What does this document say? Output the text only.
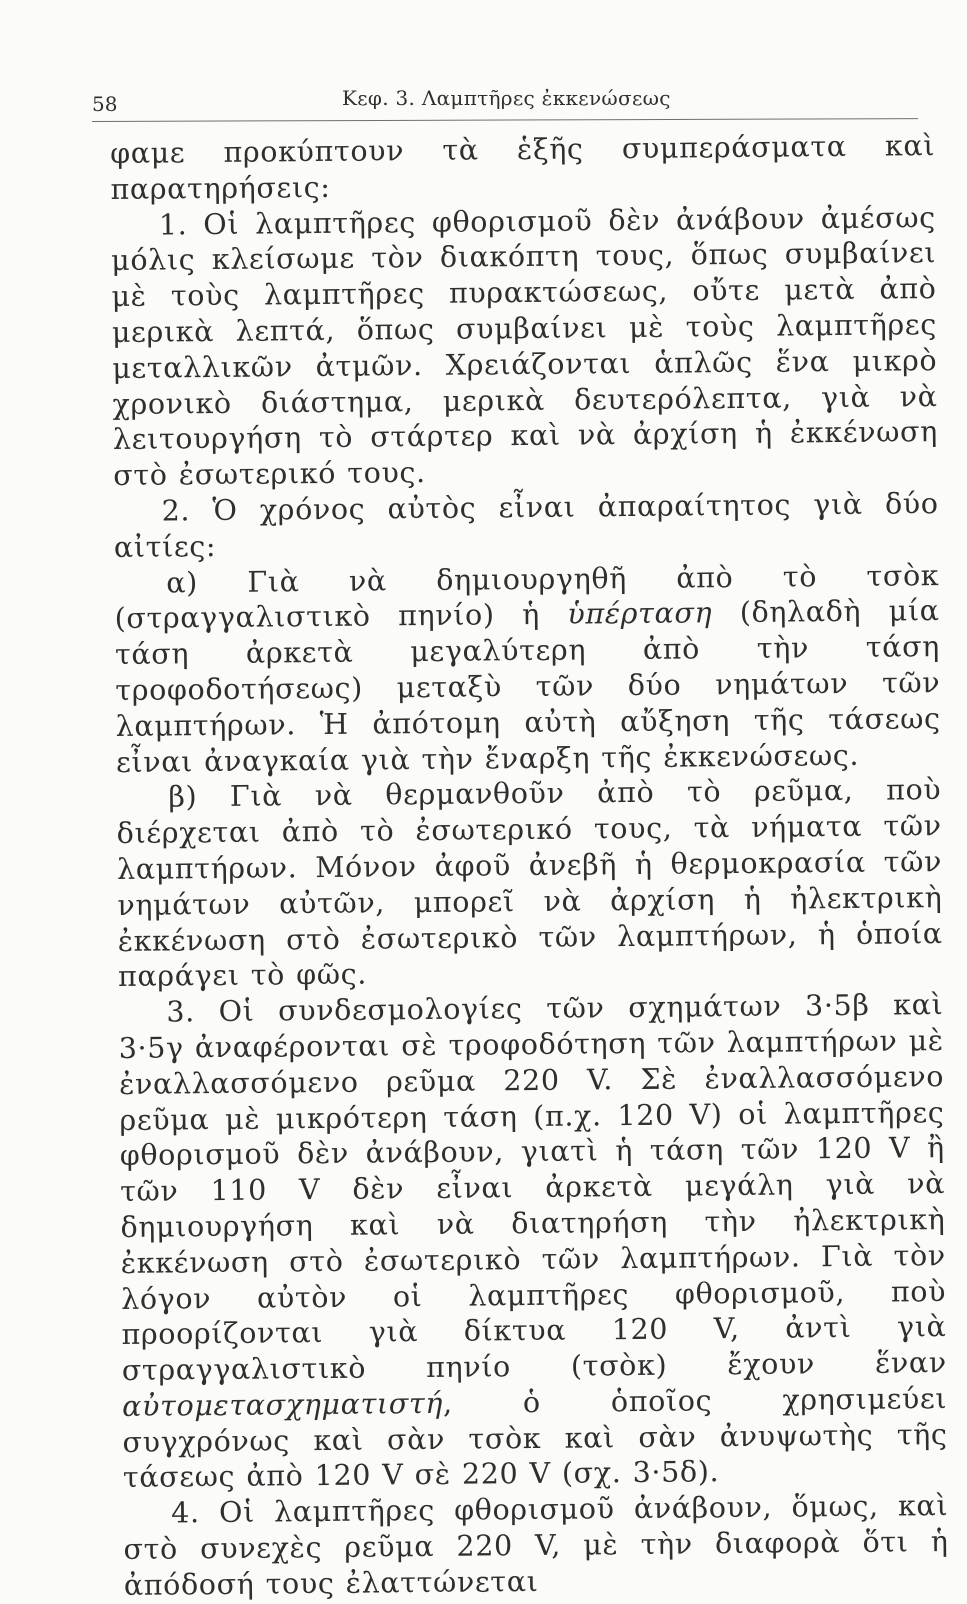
58	Κεφ. 3. Λαμπτῆρες ἐκκενώσεως

φαμε προκύπτουν τὰ ἑξῆς συμπεράσματα καὶ παρατηρήσεις:

1. Οἱ λαμπτῆρες φθορισμοῦ δὲν ἀνάβουν ἀμέσως μόλις κλείσωμε τὸν διακόπτη τους, ὅπως συμβαίνει μὲ τοὺς λαμπτῆρες πυρακτώσεως, οὔτε μετὰ ἀπὸ μερικὰ λεπτά, ὅπως συμβαίνει μὲ τοὺς λαμπτῆρες μεταλλικῶν ἀτμῶν. Χρειάζονται ἁπλῶς ἕνα μικρὸ χρονικὸ διάστημα, μερικὰ δευτερόλεπτα, γιὰ νὰ λειτουργήση τὸ στάρτερ καὶ νὰ ἀρχίση ἡ ἐκκένωση στὸ ἐσωτερικό τους.

2. Ὁ χρόνος αὐτὸς εἶναι ἀπαραίτητος γιὰ δύο αἰτίες:

α) Γιὰ νὰ δημιουργηθῆ ἀπὸ τὸ τσὸκ (στραγγαλιστικὸ πηνίο) ἡ ὑπέρταση (δηλαδὴ μία τάση ἀρκετὰ μεγαλύτερη ἀπὸ τὴν τάση τροφοδοτήσεως) μεταξὺ τῶν δύο νημάτων τῶν λαμπτήρων. Ἡ ἀπότομη αὐτὴ αὔξηση τῆς τάσεως εἶναι ἀναγκαία γιὰ τὴν ἔναρξη τῆς ἐκκενώσεως.

β) Γιὰ νὰ θερμανθοῦν ἀπὸ τὸ ρεῦμα, ποὺ διέρχεται ἀπὸ τὸ ἐσωτερικό τους, τὰ νήματα τῶν λαμπτήρων. Μόνον ἀφοῦ ἀνεβῆ ἡ θερμοκρασία τῶν νημάτων αὐτῶν, μπορεῖ νὰ ἀρχίση ἡ ἠλεκτρικὴ ἐκκένωση στὸ ἐσωτερικὸ τῶν λαμπτήρων, ἡ ὁποία παράγει τὸ φῶς.

3. Οἱ συνδεσμολογίες τῶν σχημάτων 3·5β καὶ 3·5γ ἀναφέρονται σὲ τροφοδότηση τῶν λαμπτήρων μὲ ἐναλλασσόμενο ρεῦμα 220 V. Σὲ ἐναλλασσόμενο ρεῦμα μὲ μικρότερη τάση (π.χ. 120 V) οἱ λαμπτῆρες φθορισμοῦ δὲν ἀνάβουν, γιατὶ ἡ τάση τῶν 120 V ἢ τῶν 110 V δὲν εἶναι ἀρκετὰ μεγάλη γιὰ νὰ δημιουργήση καὶ νὰ διατηρήση τὴν ἠλεκτρικὴ ἐκκένωση στὸ ἐσωτερικὸ τῶν λαμπτήρων. Γιὰ τὸν λόγον αὐτὸν οἱ λαμπτῆρες φθορισμοῦ, ποὺ προορίζονται γιὰ δίκτυα 120 V, ἀντὶ γιὰ στραγγαλιστικὸ πηνίο (τσὸκ) ἔχουν ἕναν αὐτομετασχηματιστή, ὁ ὁποῖος χρησιμεύει συγχρόνως καὶ σὰν τσὸκ καὶ σὰν ἀνυψωτὴς τῆς τάσεως ἀπὸ 120 V σὲ 220 V (σχ. 3·5δ).

4. Οἱ λαμπτῆρες φθορισμοῦ ἀνάβουν, ὅμως, καὶ στὸ συνεχὲς ρεῦμα 220 V, μὲ τὴν διαφορὰ ὅτι ἡ ἀπόδοσή τους ἐλαττώνεται
